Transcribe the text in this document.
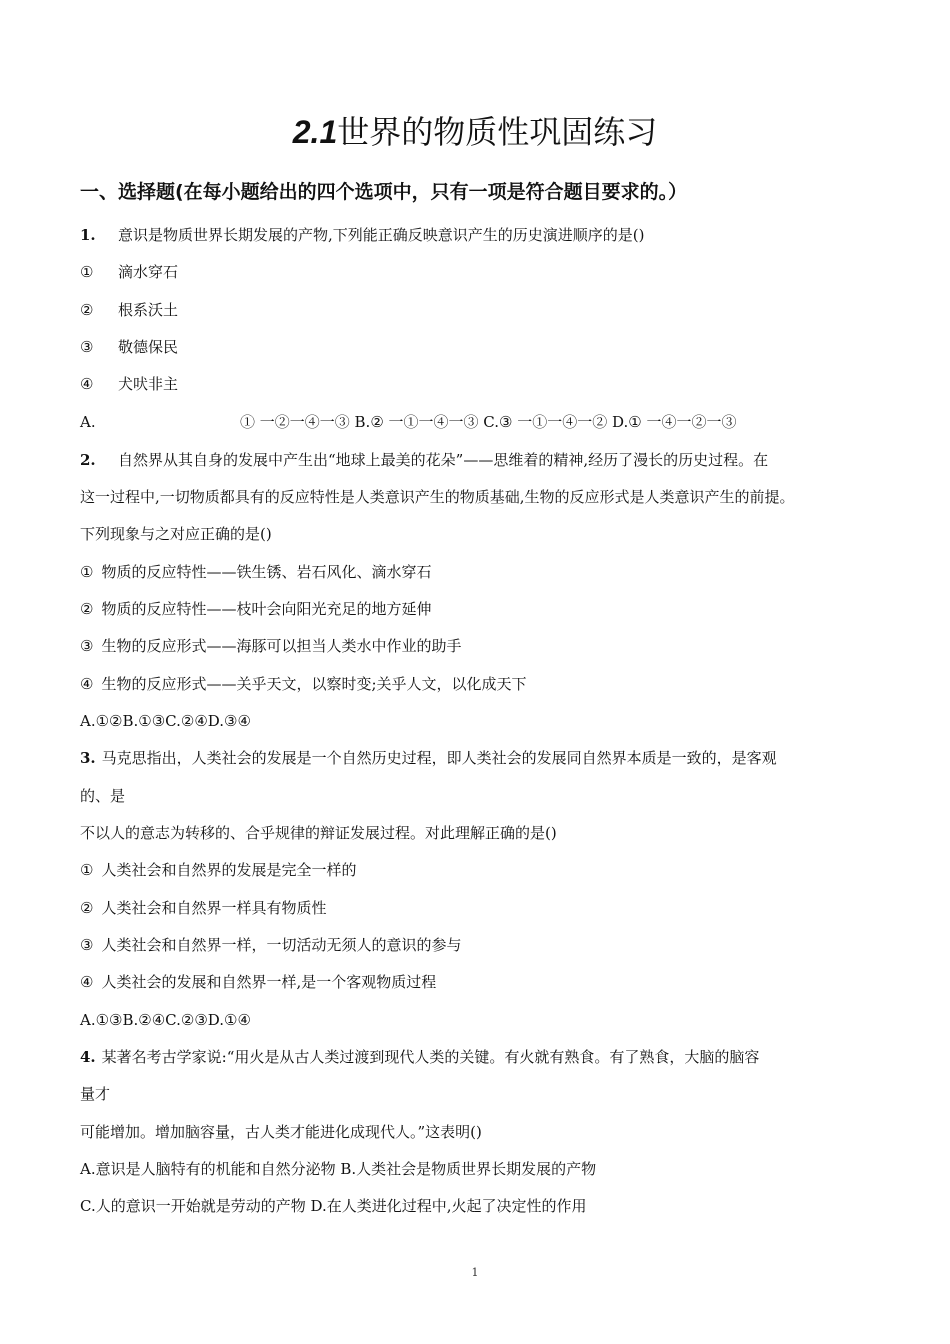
2.1世界的物质性巩固练习
一、选择题(在每小题给出的四个选项中，只有一项是符合题目要求的。）
1. 意识是物质世界长期发展的产物,下列能正确反映意识产生的历史演进顺序的是()
① 滴水穿石
② 根系沃土
③ 敬德保民
④ 犬吠非主
A.	① 一②一④一③ B.② 一①一④一③ C.③ 一①一④一② D.① 一④一②一③
2. 自然界从其自身的发展中产生出“地球上最美的花朵”——思维着的精神,经历了漫长的历史过程。在
这一过程中,一切物质都具有的反应特性是人类意识产生的物质基础,生物的反应形式是人类意识产生的前提。
下列现象与之对应正确的是()
① 物质的反应特性——铁生锈、岩石风化、滴水穿石
② 物质的反应特性——枝叶会向阳光充足的地方延伸
③ 生物的反应形式——海豚可以担当人类水中作业的助手
④ 生物的反应形式——关乎天文，以察时变;关乎人文，以化成天下
A.①②B.①③C.②④D.③④
3. 马克思指出，人类社会的发展是一个自然历史过程，即人类社会的发展同自然界本质是一致的，是客观
的、是
不以人的意志为转移的、合乎规律的辩证发展过程。对此理解正确的是()
① 人类社会和自然界的发展是完全一样的
② 人类社会和自然界一样具有物质性
③ 人类社会和自然界一样，一切活动无须人的意识的参与
④ 人类社会的发展和自然界一样,是一个客观物质过程
A.①③B.②④C.②③D.①④
4. 某著名考古学家说:“用火是从古人类过渡到现代人类的关键。有火就有熟食。有了熟食，大脑的脑容
量才
可能增加。增加脑容量，古人类才能进化成现代人。”这表明()
A.意识是人脑特有的机能和自然分泌物 B.人类社会是物质世界长期发展的产物
C.人的意识一开始就是劳动的产物 D.在人类进化过程中,火起了决定性的作用
1
